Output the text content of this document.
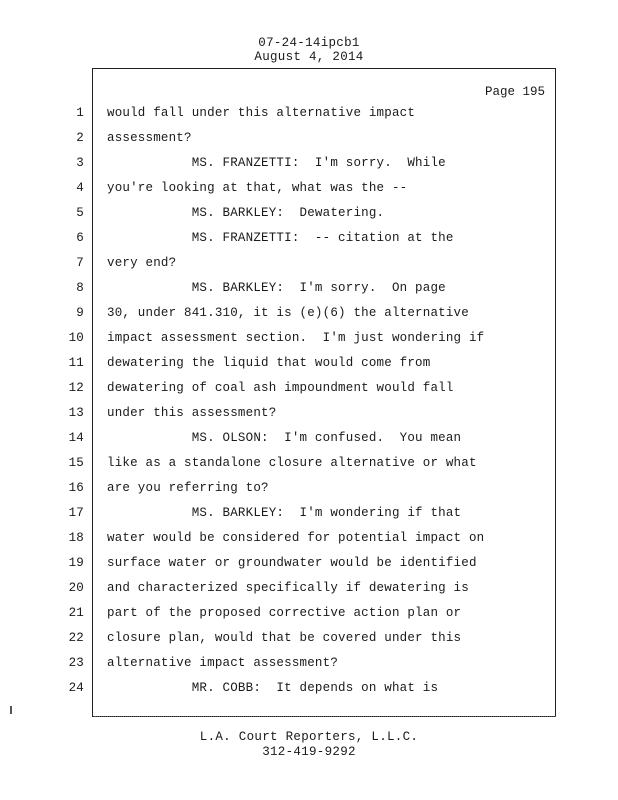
07-24-14ipcb1
August 4, 2014
Page 195
1 would fall under this alternative impact
2 assessment?
3 MS. FRANZETTI:  I'm sorry.  While
4 you're looking at that, what was the --
5 MS. BARKLEY:  Dewatering.
6 MS. FRANZETTI:  -- citation at the
7 very end?
8 MS. BARKLEY:  I'm sorry.  On page
9 30, under 841.310, it is (e)(6) the alternative
10 impact assessment section.  I'm just wondering if
11 dewatering the liquid that would come from
12 dewatering of coal ash impoundment would fall
13 under this assessment?
14 MS. OLSON:  I'm confused.  You mean
15 like as a standalone closure alternative or what
16 are you referring to?
17 MS. BARKLEY:  I'm wondering if that
18 water would be considered for potential impact on
19 surface water or groundwater would be identified
20 and characterized specifically if dewatering is
21 part of the proposed corrective action plan or
22 closure plan, would that be covered under this
23 alternative impact assessment?
24 MR. COBB:  It depends on what is
L.A. Court Reporters, L.L.C.
312-419-9292
